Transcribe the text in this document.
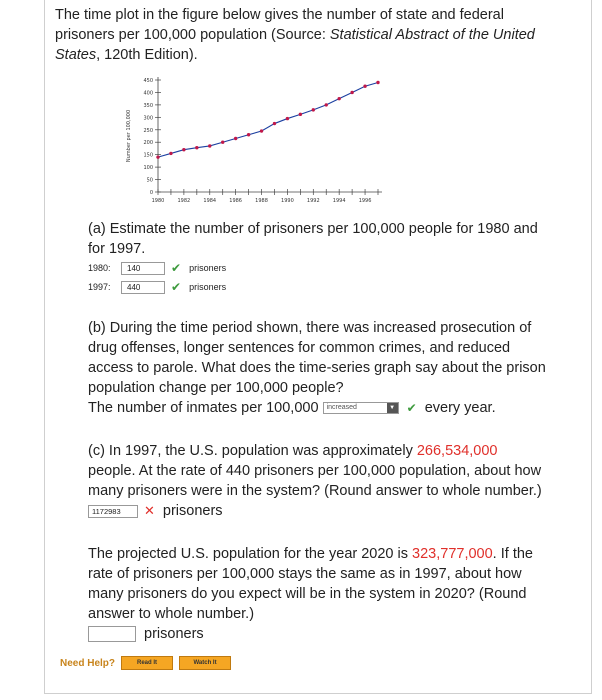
The time plot in the figure below gives the number of state and federal
prisoners per 100,000 population (Source: Statistical Abstract of the United
States, 120th Edition).
0
50
100
150
200
250
300
350
400
450
1980	1982	1984	1986	1988	1990	1992	1994	1996
Number per 100,000
(a) Estimate the number of prisoners per 100,000 people for 1980 and
for 1997.
1980:	140	✔ prisoners
1997:	440	✔ prisoners
(b) During the time period shown, there was increased prosecution of
drug offenses, longer sentences for common crimes, and reduced
access to parole. What does the time-series graph say about the prison
population change per 100,000 people?
The number of inmates per 100,000 increased	▼ ✔ every year.
(c) In 1997, the U.S. population was approximately 266,534,000
people. At the rate of 440 prisoners per 100,000 population, about how
many prisoners were in the system? (Round answer to whole number.)
1172983 ✕ prisoners
The projected U.S. population for the year 2020 is 323,777,000. If the
rate of prisoners per 100,000 stays the same as in 1997, about how
many prisoners do you expect will be in the system in 2020? (Round
answer to whole number.)
prisoners
Need Help?	Read It	Watch It
